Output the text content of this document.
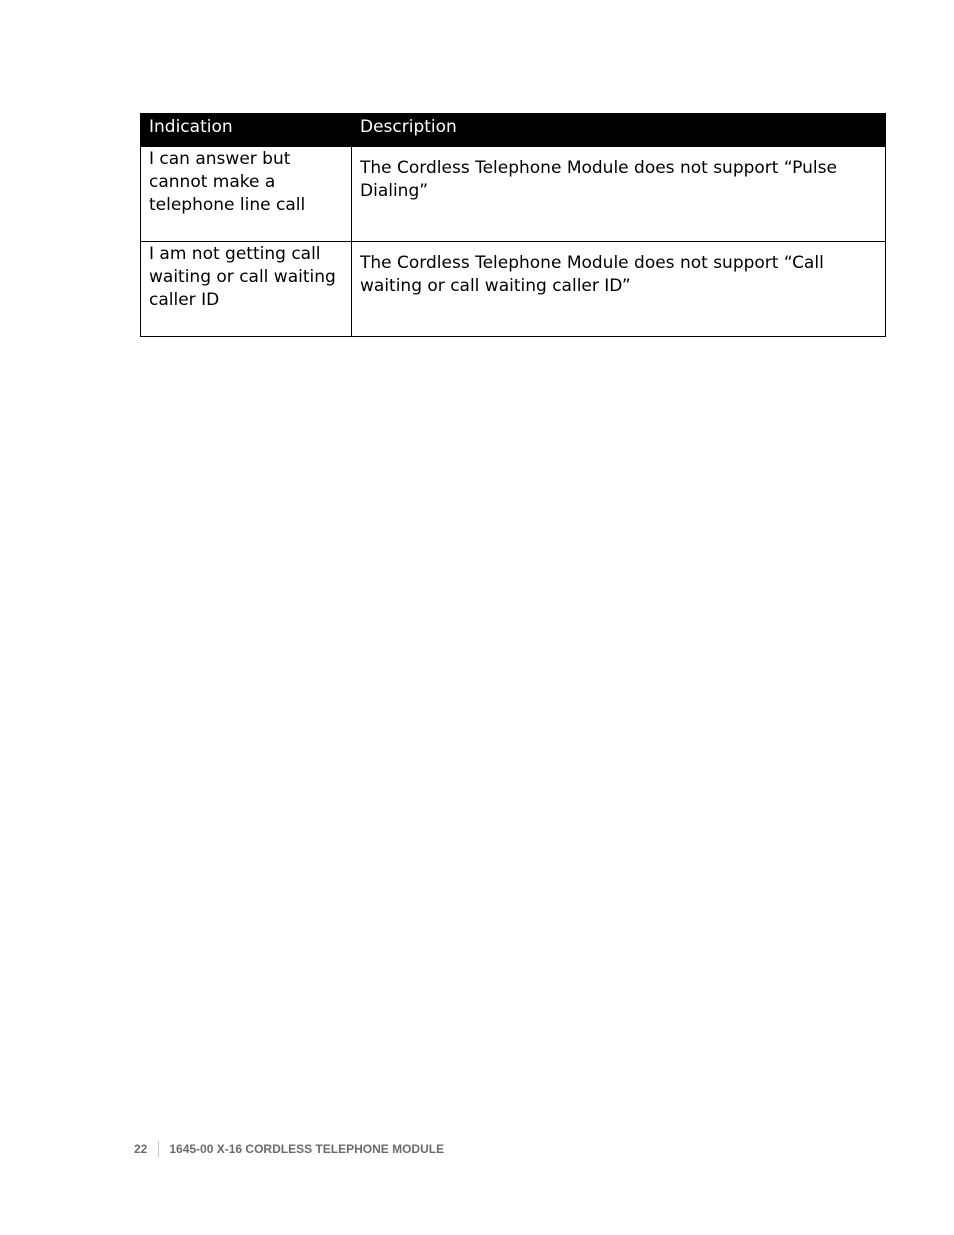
Indication	Description
I can answer but cannot make a telephone line call	The Cordless Telephone Module does not support “Pulse Dialing”
I am not getting call waiting or call waiting caller ID	The Cordless Telephone Module does not support “Call waiting or call waiting caller ID”
22 1645-00 X-16 CORDLESS TELEPHONE MODULE
